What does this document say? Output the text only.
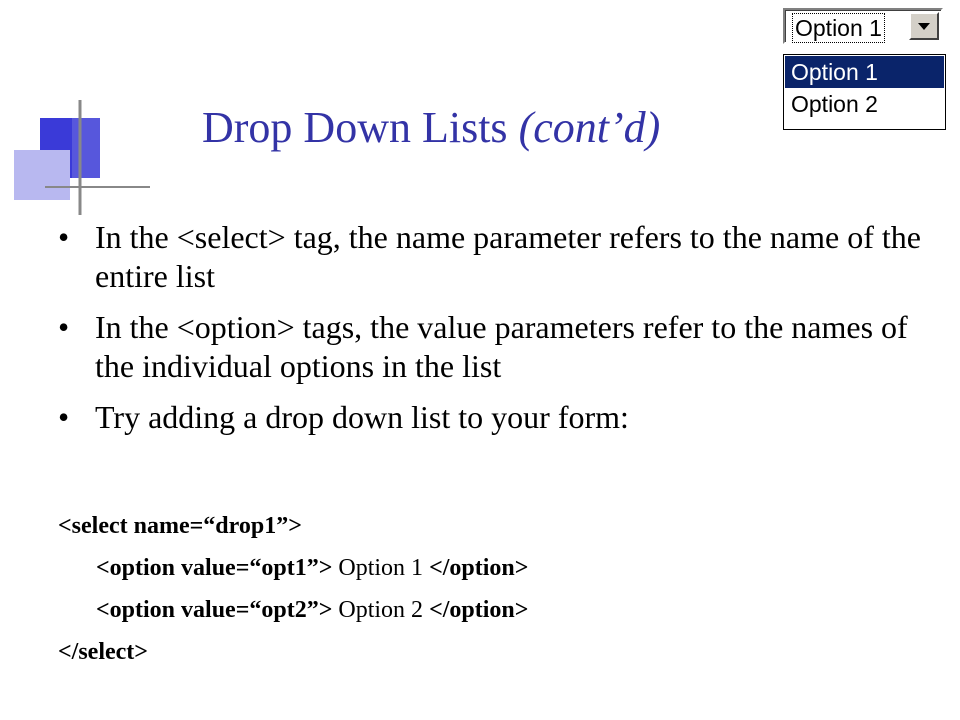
Drop Down Lists (cont’d)
• In the <select> tag, the name parameter refers to the name of the entire list
• In the <option> tags, the value parameters refer to the names of the individual options in the list
• Try adding a drop down list to your form:
<select name=“drop1”>
<option value=“opt1”> Option 1 </option>
<option value=“opt2”> Option 2 </option>
</select>
Option 1
Option 1
Option 2
